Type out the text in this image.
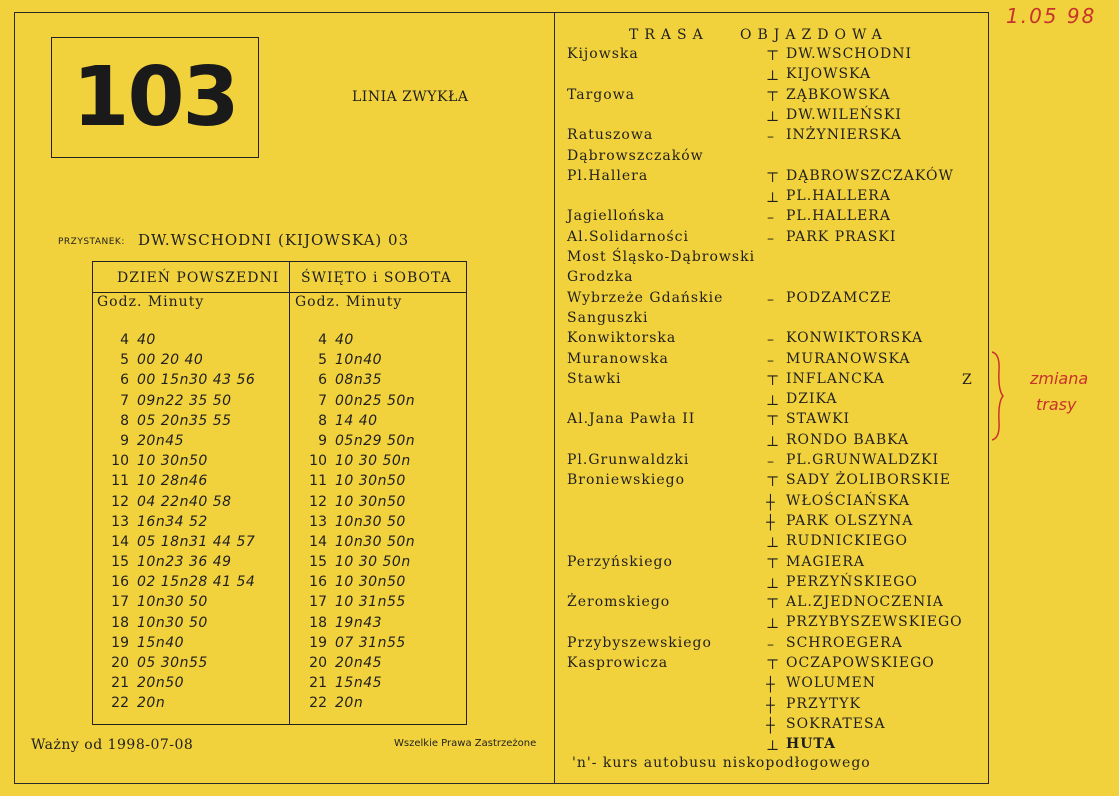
1.05 98
103	LINIA ZWYKŁA
PRZYSTANEK: DW.WSCHODNI (KIJOWSKA) 03
DZIEŃ POWSZEDNI
Godz. Minuty
ŚWIĘTO i SOBOTA
Godz. Minuty
4 40	4 40
5 00 20 40	5 10n40
6 00 15n30 43 56	6 08n35
7 09n22 35 50	7 00n25 50n
8 05 20n35 55	8 14 40
9 20n45	9 05n29 50n
10 10 30n50	10 10 30 50n
11 10 28n46	11 10 30n50
12 04 22n40 58	12 10 30n50
13 16n34 52	13 10n30 50
14 05 18n31 44 57	14 10n30 50n
15 10n23 36 49	15 10 30 50n
16 02 15n28 41 54	16 10 30n50
17 10n30 50	17 10 31n55
18 10n30 50	18 19n43
19 15n40	19 07 31n55
20 05 30n55	20 20n45
21 20n50	21 15n45
22 20n	22 20n
Ważny od 1998-07-08	Wszelkie Prawa Zastrzeżone
TRASA   OBJAZDOWA
Kijowska	⊤ DW.WSCHODNI
⊥ KIJOWSKA
Targowa	⊤ ZĄBKOWSKA
⊥ DW.WILEŃSKI
Ratuszowa	– INŻYNIERSKA
Dąbrowszczaków
Pl.Hallera	⊤ DĄBROWSZCZAKÓW
⊥ PL.HALLERA
Jagiellońska	– PL.HALLERA
Al.Solidarności	– PARK PRASKI
Most Śląsko-Dąbrowski
Grodzka
Wybrzeże Gdańskie	– PODZAMCZE
Sanguszki
Konwiktorska	– KONWIKTORSKA
Muranowska	– MURANOWSKA
Stawki	⊤ INFLANCKA
⊥ DZIKA
Al.Jana Pawła II	⊤ STAWKI
⊥ RONDO BABKA
Pl.Grunwaldzki	– PL.GRUNWALDZKI
Broniewskiego	⊤ SADY ŻOLIBORSKIE
┼ WŁOŚCIAŃSKA
┼ PARK OLSZYNA
⊥ RUDNICKIEGO
Perzyńskiego	⊤ MAGIERA
⊥ PERZYŃSKIEGO
Żeromskiego	⊤ AL.ZJEDNOCZENIA
⊥ PRZYBYSZEWSKIEGO
Przybyszewskiego	– SCHROEGERA
Kasprowicza	⊤ OCZAPOWSKIEGO
┼ WOLUMEN
┼ PRZYTYK
┼ SOKRATESA
⊥ HUTA
Z	zmiana
trasy
'n'- kurs autobusu niskopodłogowego
